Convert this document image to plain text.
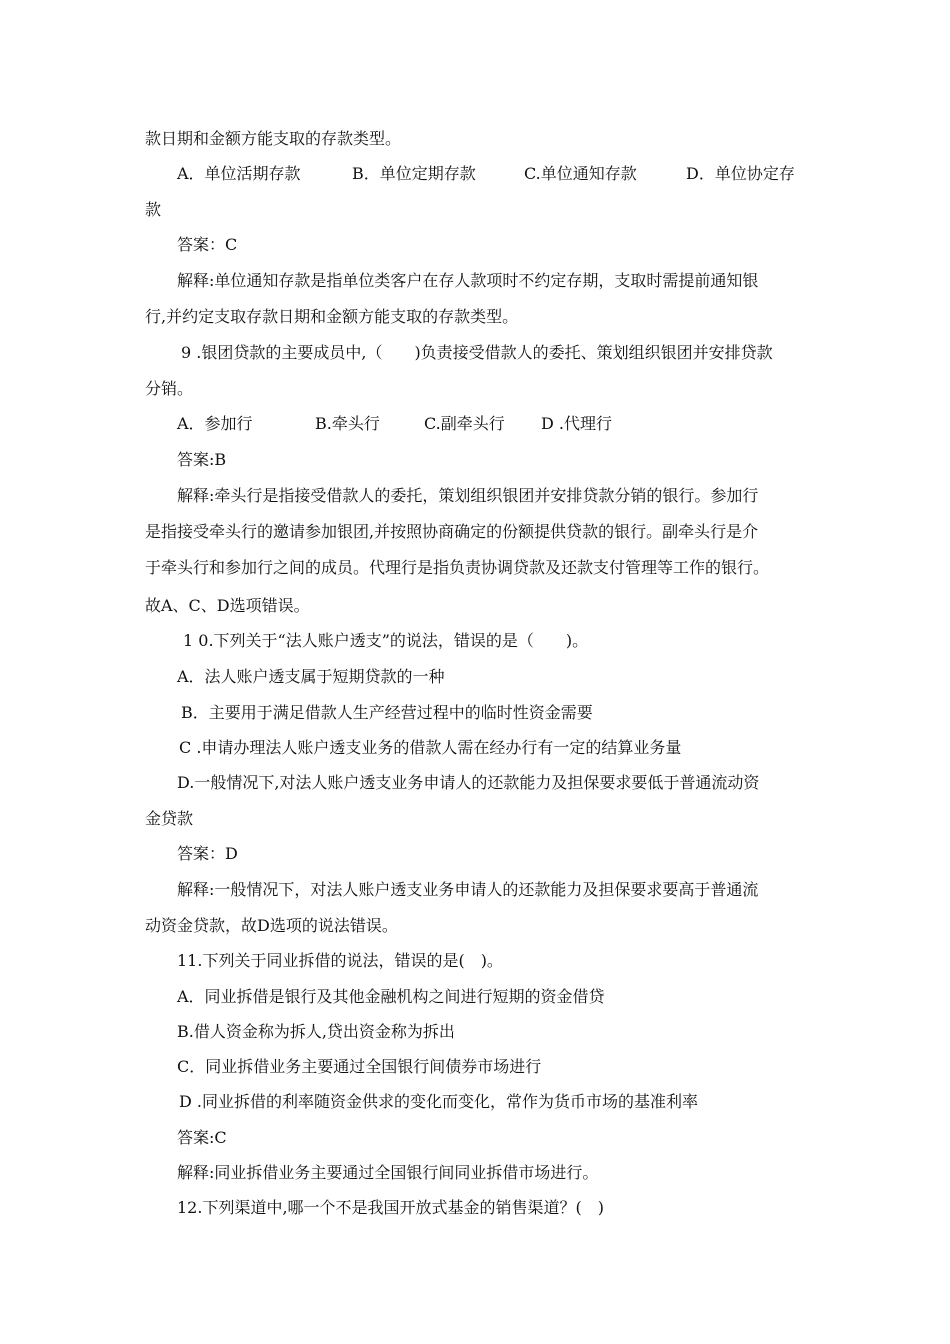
款日期和金额方能支取的存款类型。
A．单位活期存款	B．单位定期存款	C.单位通知存款	D．单位协定存
款
答案：C
解释:单位通知存款是指单位类客户在存人款项时不约定存期，支取时需提前通知银
行,并约定支取存款日期和金额方能支取的存款类型。
9 .银团贷款的主要成员中,（　　)负责接受借款人的委托、策划组织银团并安排贷款
分销。
A．参加行	B.牵头行	C.副牵头行 D .代理行
答案:B
解释:牵头行是指接受借款人的委托，策划组织银团并安排贷款分销的银行。参加行
是指接受牵头行的邀请参加银团,并按照协商确定的份额提供贷款的银行。副牵头行是介
于牵头行和参加行之间的成员。代理行是指负责协调贷款及还款支付管理等工作的银行。
故A、C、D选项错误。
1 0.下列关于“法人账户透支”的说法，错误的是（　　)。
A．法人账户透支属于短期贷款的一种
B．主要用于满足借款人生产经营过程中的临时性资金需要
C .申请办理法人账户透支业务的借款人需在经办行有一定的结算业务量
D.一般情况下,对法人账户透支业务申请人的还款能力及担保要求要低于普通流动资
金贷款
答案：D
解释:一般情况下，对法人账户透支业务申请人的还款能力及担保要求要高于普通流
动资金贷款，故D选项的说法错误。
11.下列关于同业拆借的说法，错误的是(　)。
A．同业拆借是银行及其他金融机构之间进行短期的资金借贷
B.借人资金称为拆人,贷出资金称为拆出
C．同业拆借业务主要通过全国银行间债券市场进行
D .同业拆借的利率随资金供求的变化而变化，常作为货币市场的基准利率
答案:C
解释:同业拆借业务主要通过全国银行间同业拆借市场进行。
12.下列渠道中,哪一个不是我国开放式基金的销售渠道？(　)
